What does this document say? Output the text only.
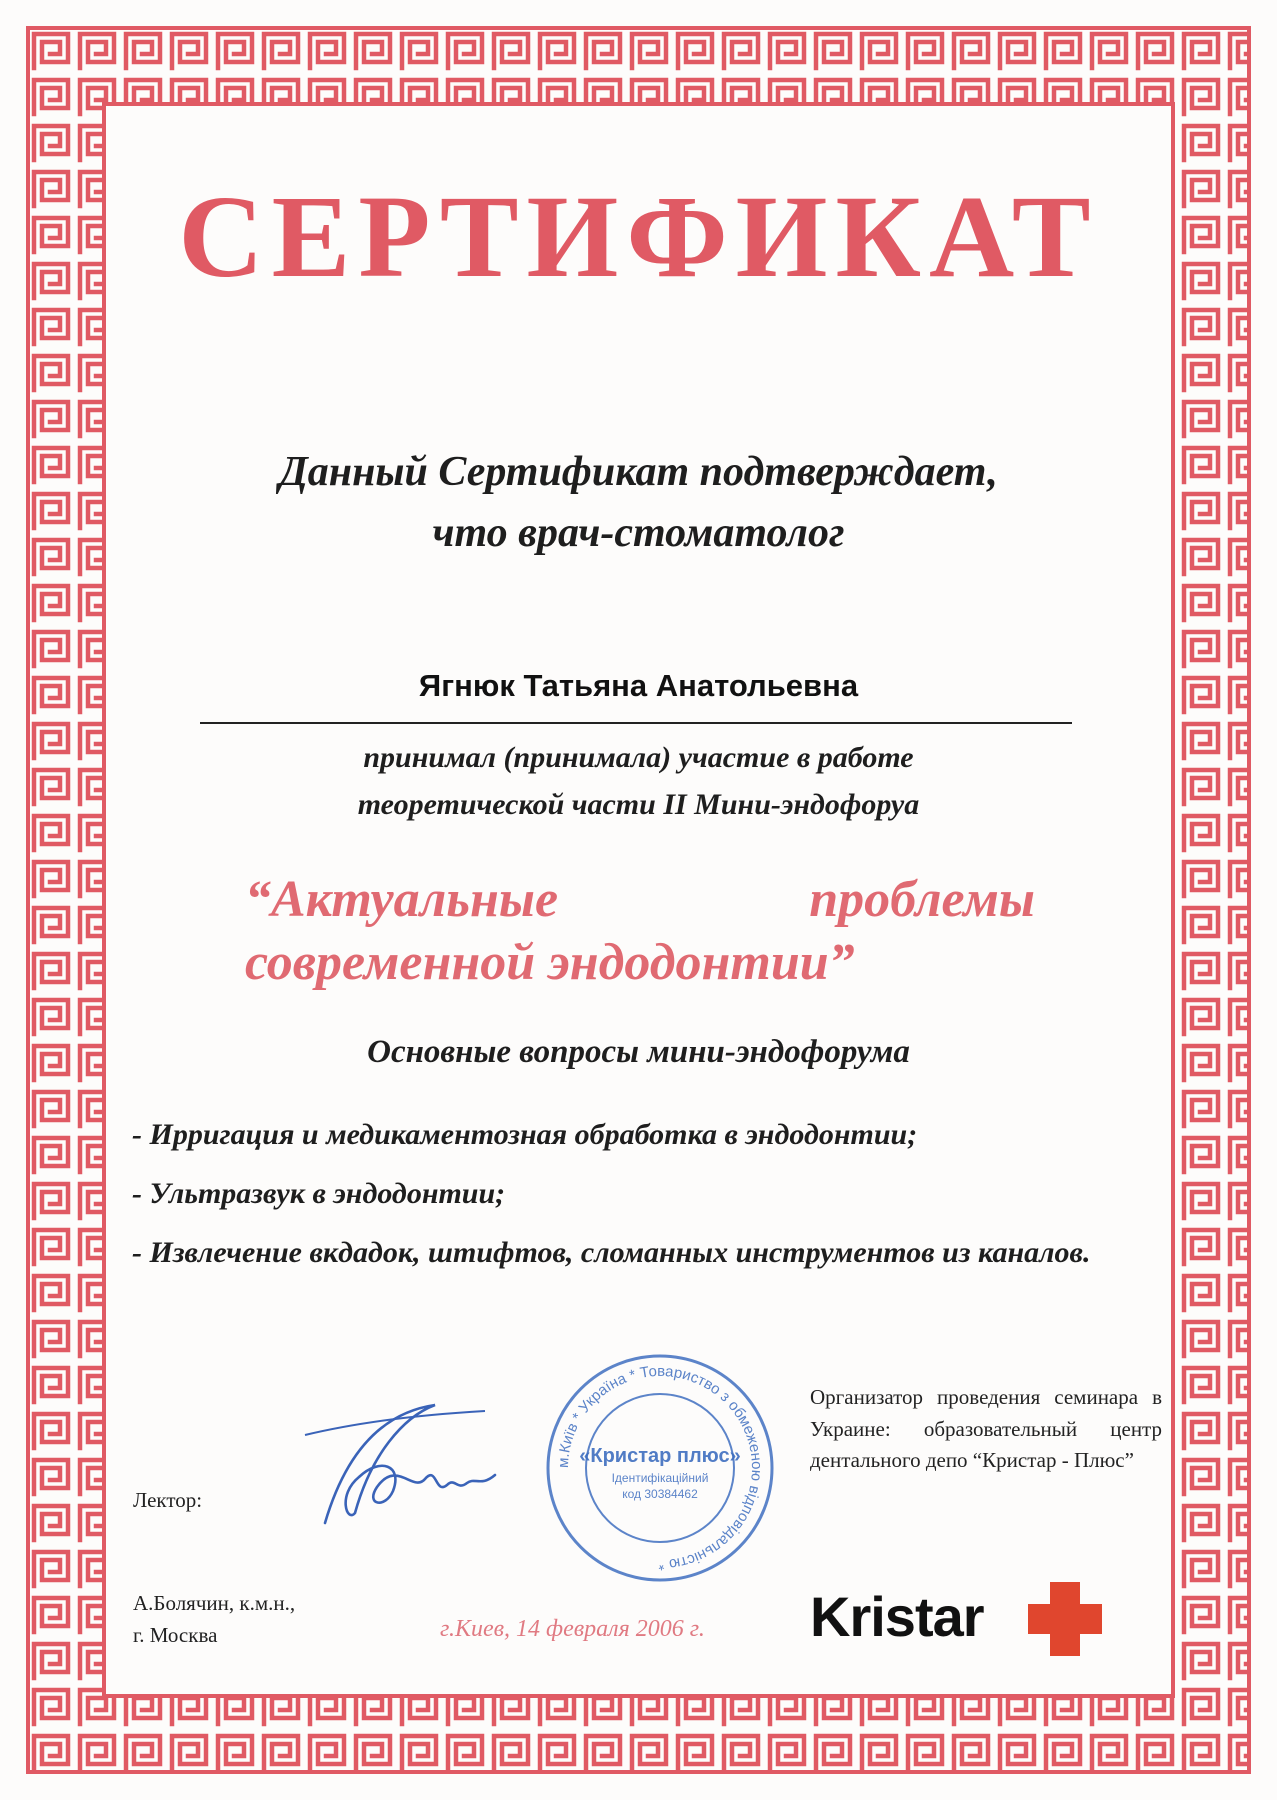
СЕРТИФИКАТ
Данный Сертификат подтверждает,
что врач-стоматолог
Ягнюк Татьяна Анатольевна
принимал (принимала) участие в работе
теоретической части II Мини-эндофоруа
“Актуальные	проблемы
современной эндодонтии”
Основные вопросы мини-эндофорума
- Ирригация и медикаментозная обработка в эндодонтии;
- Ультразвук в эндодонтии;
- Извлечение вкдадок, штифтов, сломанных инструментов из каналов.
Лектор:
А.Болячин, к.м.н.,
г. Москва
м.Київ * Україна * Товариство з обмеженою відповідальністю *
«Кристар плюс»
Ідентифікаційний
код 30384462
Организатор проведения семинара в Украине: образовательный центр дентального депо “Кристар - Плюс”
г.Киев, 14 февраля 2006 г. Kristar
